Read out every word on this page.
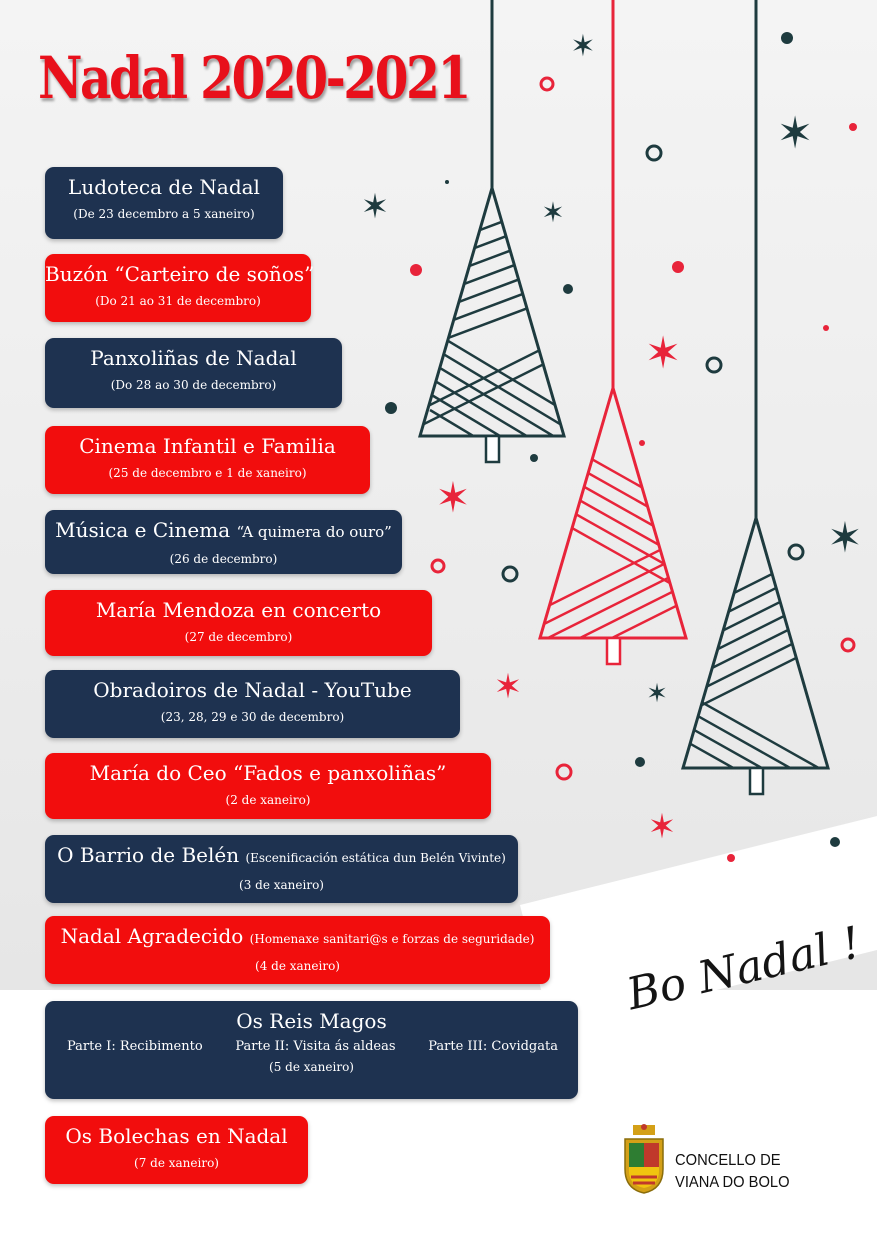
Nadal 2020-2021
Ludoteca de Nadal
(De 23 decembro a 5 xaneiro)
Buzón “Carteiro de soños”
(Do 21 ao 31 de decembro)
Panxoliñas de Nadal
(Do 28 ao 30 de decembro)
Cinema Infantil e Familia
(25 de decembro e 1 de xaneiro)
Música e Cinema “A quimera do ouro”
(26 de decembro)
María Mendoza en concerto
(27 de decembro)
Obradoiros de Nadal - YouTube
(23, 28, 29 e 30 de decembro)
María do Ceo “Fados e panxoliñas”
(2 de xaneiro)
O Barrio de Belén (Escenificación estática dun Belén Vivinte)
(3 de xaneiro)
Nadal Agradecido (Homenaxe sanitari@s e forzas de seguridade)
(4 de xaneiro)
Os Reis Magos
Parte I: Recibimento	Parte II: Visita ás aldeas	Parte III: Covidgata
(5 de xaneiro)
Os Bolechas en Nadal
(7 de xaneiro)
✶
✶
✶	✶
✶
✶
✶
✶	✶
✶
Bo Nadal !
CONCELLO DE
VIANA DO BOLO
